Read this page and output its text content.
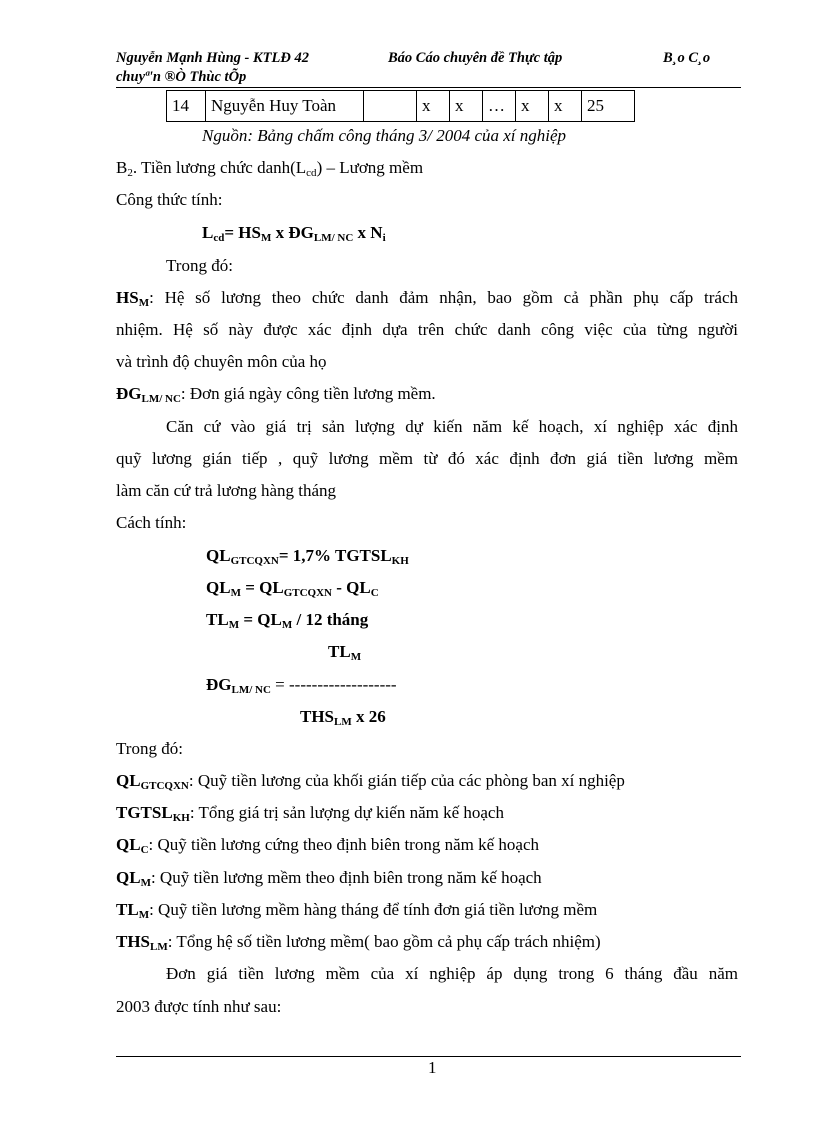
Nguyễn Mạnh Hùng - KTLĐ 42	Báo Cáo chuyên đề Thực tập	B¸o C¸o
chuyª'n ®Ò Thùc tÕp
14	Nguyễn Huy Toàn		x	x	…	x	x	25
Nguồn: Bảng chấm công tháng 3/ 2004 của xí nghiệp
$B_2$. Tiền lương chức $danh(L_{cd})$ – Lương mềm
Công thức tính:
$L_{cd}= HS_M$ x $ĐG_{LM/ NC}$ x $N_i$
Trong đó:
$HS_M$: Hệ số lương theo chức danh đảm nhận, bao gồm cả phần phụ cấp trách
nhiệm. Hệ số này được xác định dựa trên chức danh công việc của từng người
và trình độ chuyên môn của họ
$ĐG_{LM/ NC}$: Đơn giá ngày công tiền lương mềm.
Căn cứ vào giá trị sản lượng dự kiến năm kế hoạch, xí nghiệp xác định
quỹ lương gián tiếp , quỹ lương mềm từ đó xác định đơn giá tiền lương mềm
làm căn cứ trả lương hàng tháng
Cách tính:
$QL_{GTCQXN}= 1,7\%$ $TGTSL_{KH}$
$QL_M = QL_{GTCQXN} - QL_C$
$TL_M = QL_M / 12$ tháng
$TL_M$
$ĐG_{LM/ NC}$ = -------------------
$THS_{LM}$ x 26
Trong đó:
$QL_{GTCQXN}$: Quỹ tiền lương của khối gián tiếp của các phòng ban xí nghiệp
$TGTSL_{KH}$: Tổng giá trị sản lượng dự kiến năm kế hoạch
$QL_C$: Quỹ tiền lương cứng theo định biên trong năm kế hoạch
$QL_M$: Quỹ tiền lương mềm theo định biên trong năm kế hoạch
$TL_M$: Quỹ tiền lương mềm hàng tháng để tính đơn giá tiền lương mềm
$THS_{LM}$: Tổng hệ số tiền lương mềm( bao gồm cả phụ cấp trách nhiệm)
Đơn giá tiền lương mềm của xí nghiệp áp dụng trong 6 tháng đầu năm
2003 được tính như sau:
1
